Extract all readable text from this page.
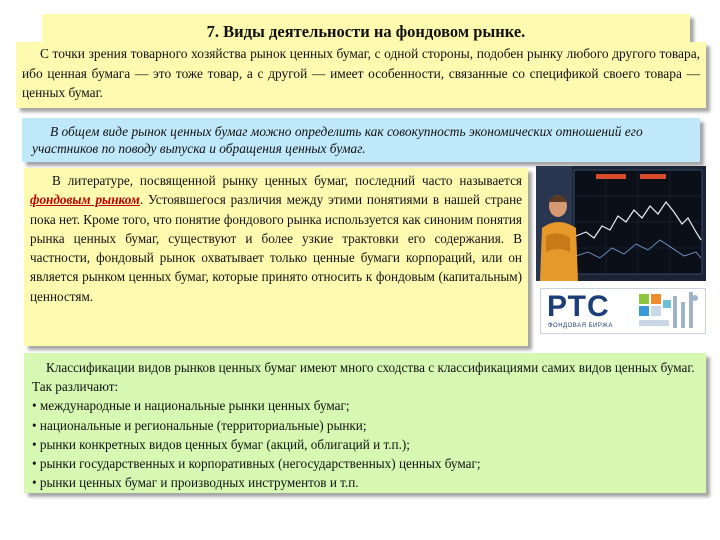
7. Виды деятельности на фондовом рынке.
С точки зрения товарного хозяйства рынок ценных бумаг, с одной стороны, подобен рынку любого другого товара, ибо ценная бумага — это тоже товар, а с другой — имеет особенности, связанные со спецификой своего товара — ценных бумаг.
В общем виде рынок ценных бумаг можно определить как совокупность экономических отношений его участников по поводу выпуска и обращения ценных бумаг.
В литературе, посвященной рынку ценных бумаг, последний часто называется фондовым рынком. Устоявшегося различия между этими понятиями в нашей стране пока нет. Кроме того, что понятие фондового рынка используется как синоним понятия рынка ценных бумаг, существуют и более узкие трактовки его содержания. В частности, фондовый рынок охватывает только ценные бумаги корпораций, или он является рынком ценных бумаг, которые принято относить к фондовым (капитальным) ценностям.	РТС
ФОНДОВАЯ БИРЖА
Классификации видов рынков ценных бумаг имеют много сходства с классификациями самих видов ценных бумаг. Так различают:
• международные и национальные рынки ценных бумаг;
• национальные и региональные (территориальные) рынки;
• рынки конкретных видов ценных бумаг (акций, облигаций и т.п.);
• рынки государственных и корпоративных (негосударственных) ценных бумаг;
• рынки ценных бумаг и производных инструментов и т.п.
